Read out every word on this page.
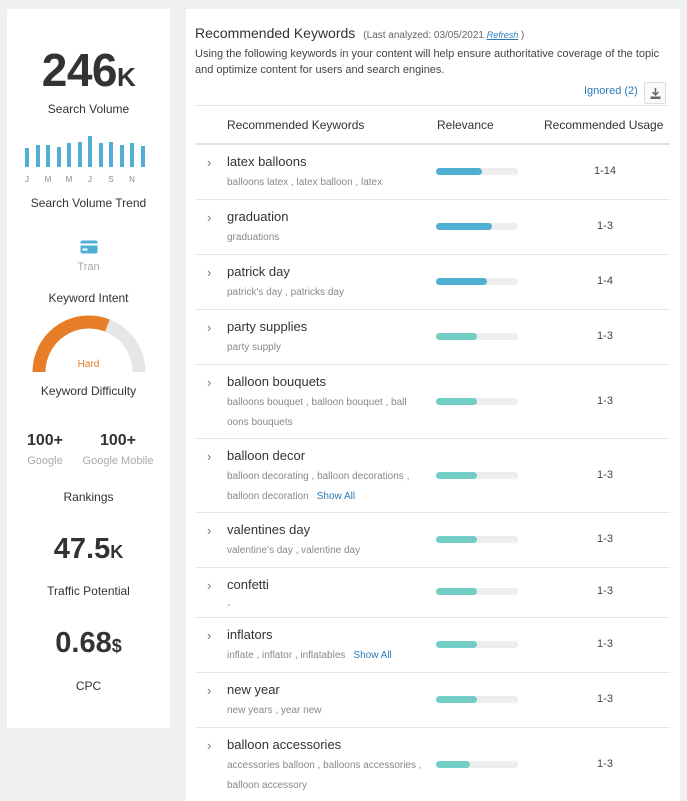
246K
Search Volume
J	M	M	J	S	N
Search Volume Trend
Tran
Keyword Intent
Hard
Keyword Difficulty
100+
Google
100+
Google Mobile
Rankings
47.5K
Traffic Potential
0.68$
CPC
Recommended Keywords (Last analyzed: 03/05/2021 Refresh )
Using the following keywords in your content will help ensure authoritative coverage of the topic and optimize content for users and search engines.
Ignored (2)
Recommended Keywords	Relevance	Recommended Usage
› latex balloons
balloons latex , latex balloon , latex
1-14
› graduation
graduations
1-3
› patrick day
patrick's day , patricks day
1-4
› party supplies
party supply
1-3
› balloon bouquets
balloons bouquet , balloon bouquet , ball oons bouquets
1-3
› balloon decor
balloon decorating , balloon decorations , balloon decoration Show All
1-3
› valentines day
valentine's day , valentine day
1-3
› confetti
-
1-3
› inflators
inflate , inflator , inflatables Show All
1-3
› new year
new years , year new
1-3
› balloon accessories
accessories balloon , balloons accessories , balloon accessory
1-3
